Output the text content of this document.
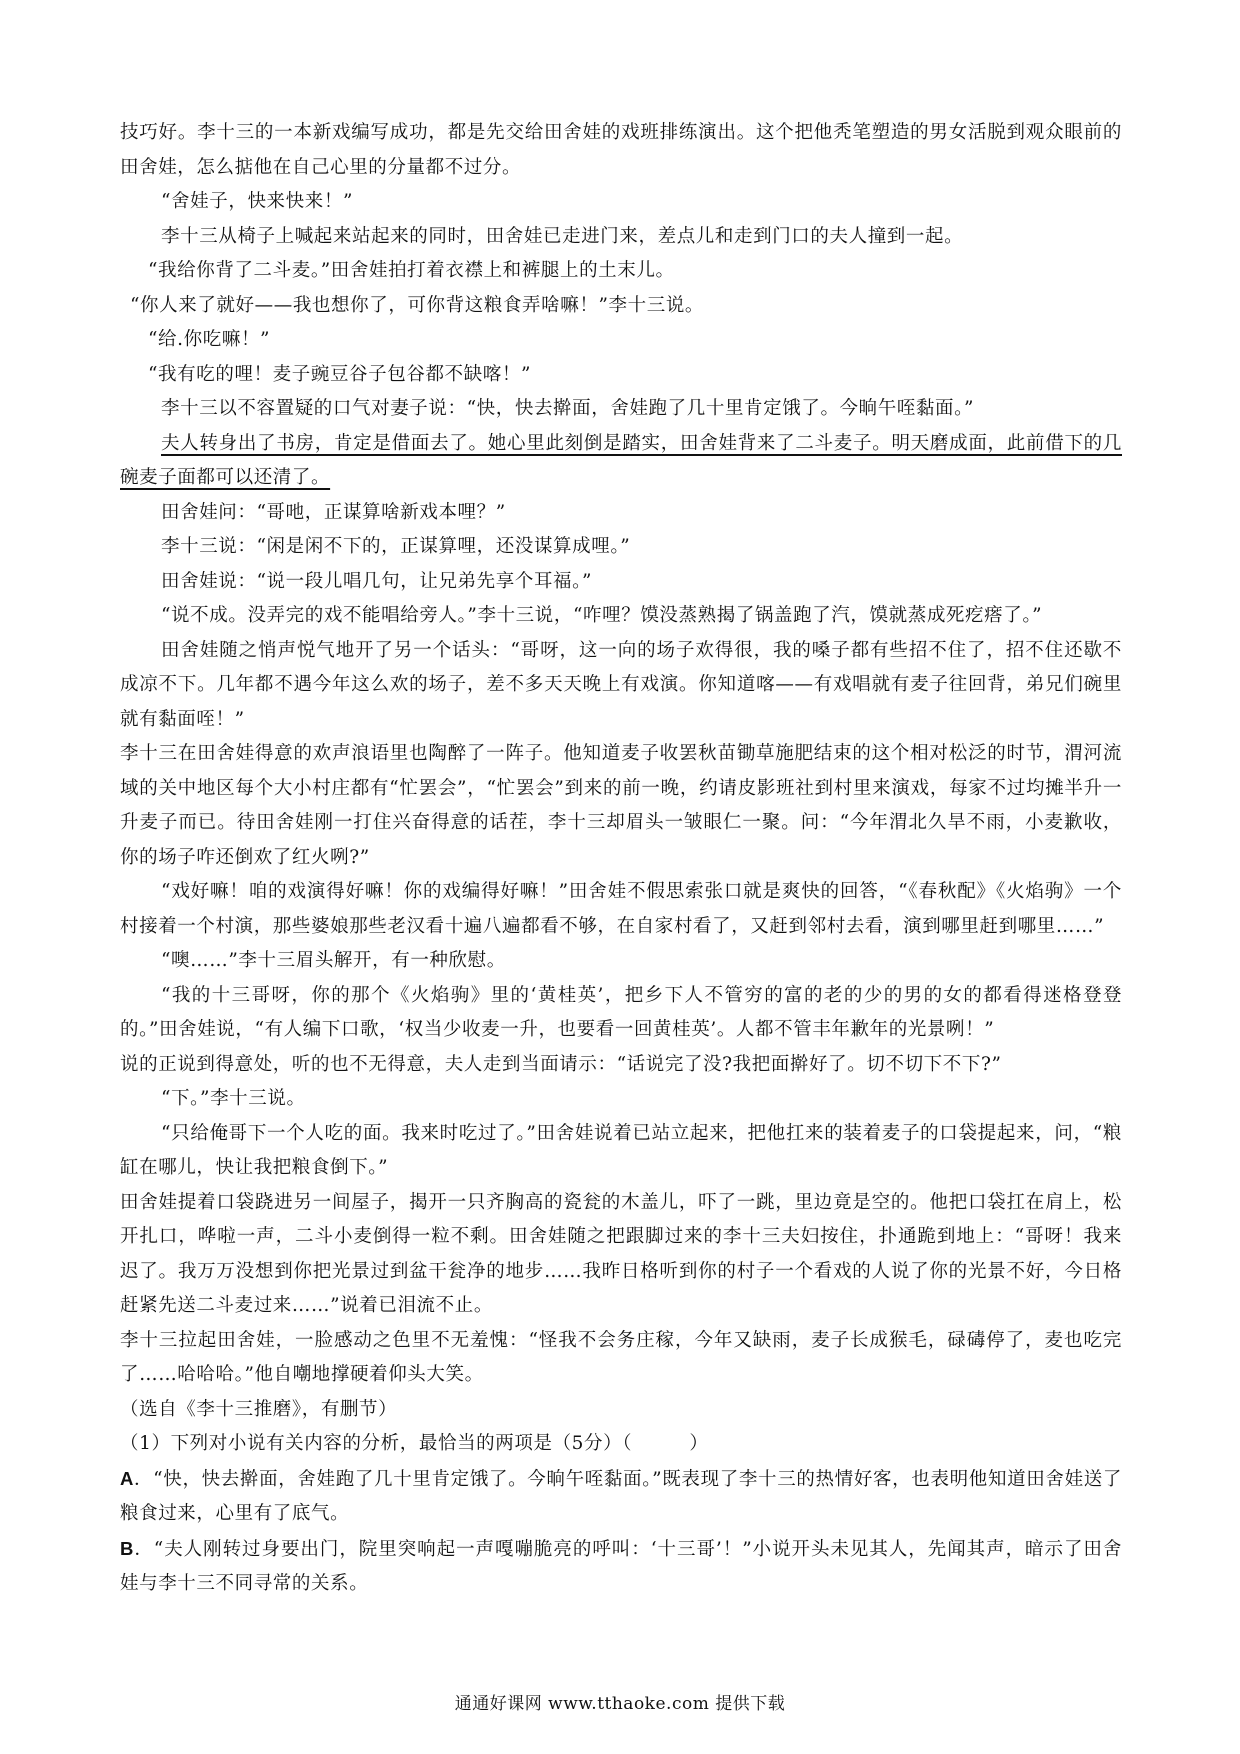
技巧好。李十三的一本新戏编写成功，都是先交给田舍娃的戏班排练演出。这个把他秃笔塑造的男女活脱到观众眼前的田舍娃，怎么掂他在自己心里的分量都不过分。

“舍娃子，快来快来！”

李十三从椅子上喊起来站起来的同时，田舍娃已走进门来，差点儿和走到门口的夫人撞到一起。

“我给你背了二斗麦。”田舍娃拍打着衣襟上和裤腿上的土末儿。

“你人来了就好——我也想你了，可你背这粮食弄啥嘛！”李十三说。

“给.你吃嘛！”

“我有吃的哩！麦子豌豆谷子包谷都不缺喀！”

李十三以不容置疑的口气对妻子说：“快，快去擀面，舍娃跑了几十里肯定饿了。今晌午咥黏面。”

夫人转身出了书房，肯定是借面去了。她心里此刻倒是踏实，田舍娃背来了二斗麦子。明天磨成面，此前借下的几碗麦子面都可以还清了。

田舍娃问：“哥吔，正谋算啥新戏本哩？”

李十三说：“闲是闲不下的，正谋算哩，还没谋算成哩。”

田舍娃说：“说一段儿唱几句，让兄弟先享个耳福。”

“说不成。没弄完的戏不能唱给旁人。”李十三说，“咋哩？馍没蒸熟揭了锅盖跑了汽，馍就蒸成死疙瘩了。”

田舍娃随之悄声悦气地开了另一个话头：“哥呀，这一向的场子欢得很，我的嗓子都有些招不住了，招不住还歇不成凉不下。几年都不遇今年这么欢的场子，差不多天天晚上有戏演。你知道喀——有戏唱就有麦子往回背，弟兄们碗里就有黏面咥！”

李十三在田舍娃得意的欢声浪语里也陶醉了一阵子。他知道麦子收罢秋苗锄草施肥结束的这个相对松泛的时节，渭河流域的关中地区每个大小村庄都有“忙罢会”，“忙罢会”到来的前一晚，约请皮影班社到村里来演戏，每家不过均摊半升一升麦子而已。待田舍娃刚一打住兴奋得意的话茬，李十三却眉头一皱眼仁一聚。问：“今年渭北久旱不雨，小麦歉收，你的场子咋还倒欢了红火咧?”

“戏好嘛！咱的戏演得好嘛！你的戏编得好嘛！”田舍娃不假思索张口就是爽快的回答，“《春秋配》《火焰驹》一个村接着一个村演，那些婆娘那些老汉看十遍八遍都看不够，在自家村看了，又赶到邻村去看，演到哪里赶到哪里……”

“噢……”李十三眉头解开，有一种欣慰。

“我的十三哥呀，你的那个《火焰驹》里的‘黄桂英’，把乡下人不管穷的富的老的少的男的女的都看得迷格登登的。”田舍娃说，“有人编下口歌，‘权当少收麦一升，也要看一回黄桂英’。人都不管丰年歉年的光景咧！”

说的正说到得意处，听的也不无得意，夫人走到当面请示：“话说完了没?我把面擀好了。切不切下不下?”

“下。”李十三说。

“只给俺哥下一个人吃的面。我来时吃过了。”田舍娃说着已站立起来，把他扛来的装着麦子的口袋提起来，问，“粮缸在哪儿，快让我把粮食倒下。”

田舍娃提着口袋跷进另一间屋子，揭开一只齐胸高的瓷瓮的木盖儿，吓了一跳，里边竟是空的。他把口袋扛在肩上，松开扎口，哗啦一声，二斗小麦倒得一粒不剩。田舍娃随之把跟脚过来的李十三夫妇按住，扑通跪到地上：“哥呀！我来迟了。我万万没想到你把光景过到盆干瓮净的地步……我昨日格听到你的村子一个看戏的人说了你的光景不好，今日格赶紧先送二斗麦过来……”说着已泪流不止。

李十三拉起田舍娃，一脸感动之色里不无羞愧：“怪我不会务庄稼，今年又缺雨，麦子长成猴毛，碌碡停了，麦也吃完了……哈哈哈。”他自嘲地撑硬着仰头大笑。

（选自《李十三推磨》，有删节）

（1）下列对小说有关内容的分析，最恰当的两项是（5分）（　　　）

A．“快，快去擀面，舍娃跑了几十里肯定饿了。今晌午咥黏面。”既表现了李十三的热情好客，也表明他知道田舍娃送了粮食过来，心里有了底气。

B．“夫人刚转过身要出门，院里突响起一声嘎嘣脆亮的呼叫：‘十三哥’！”小说开头未见其人，先闻其声，暗示了田舍娃与李十三不同寻常的关系。

通通好课网 www.tthaoke.com 提供下载
